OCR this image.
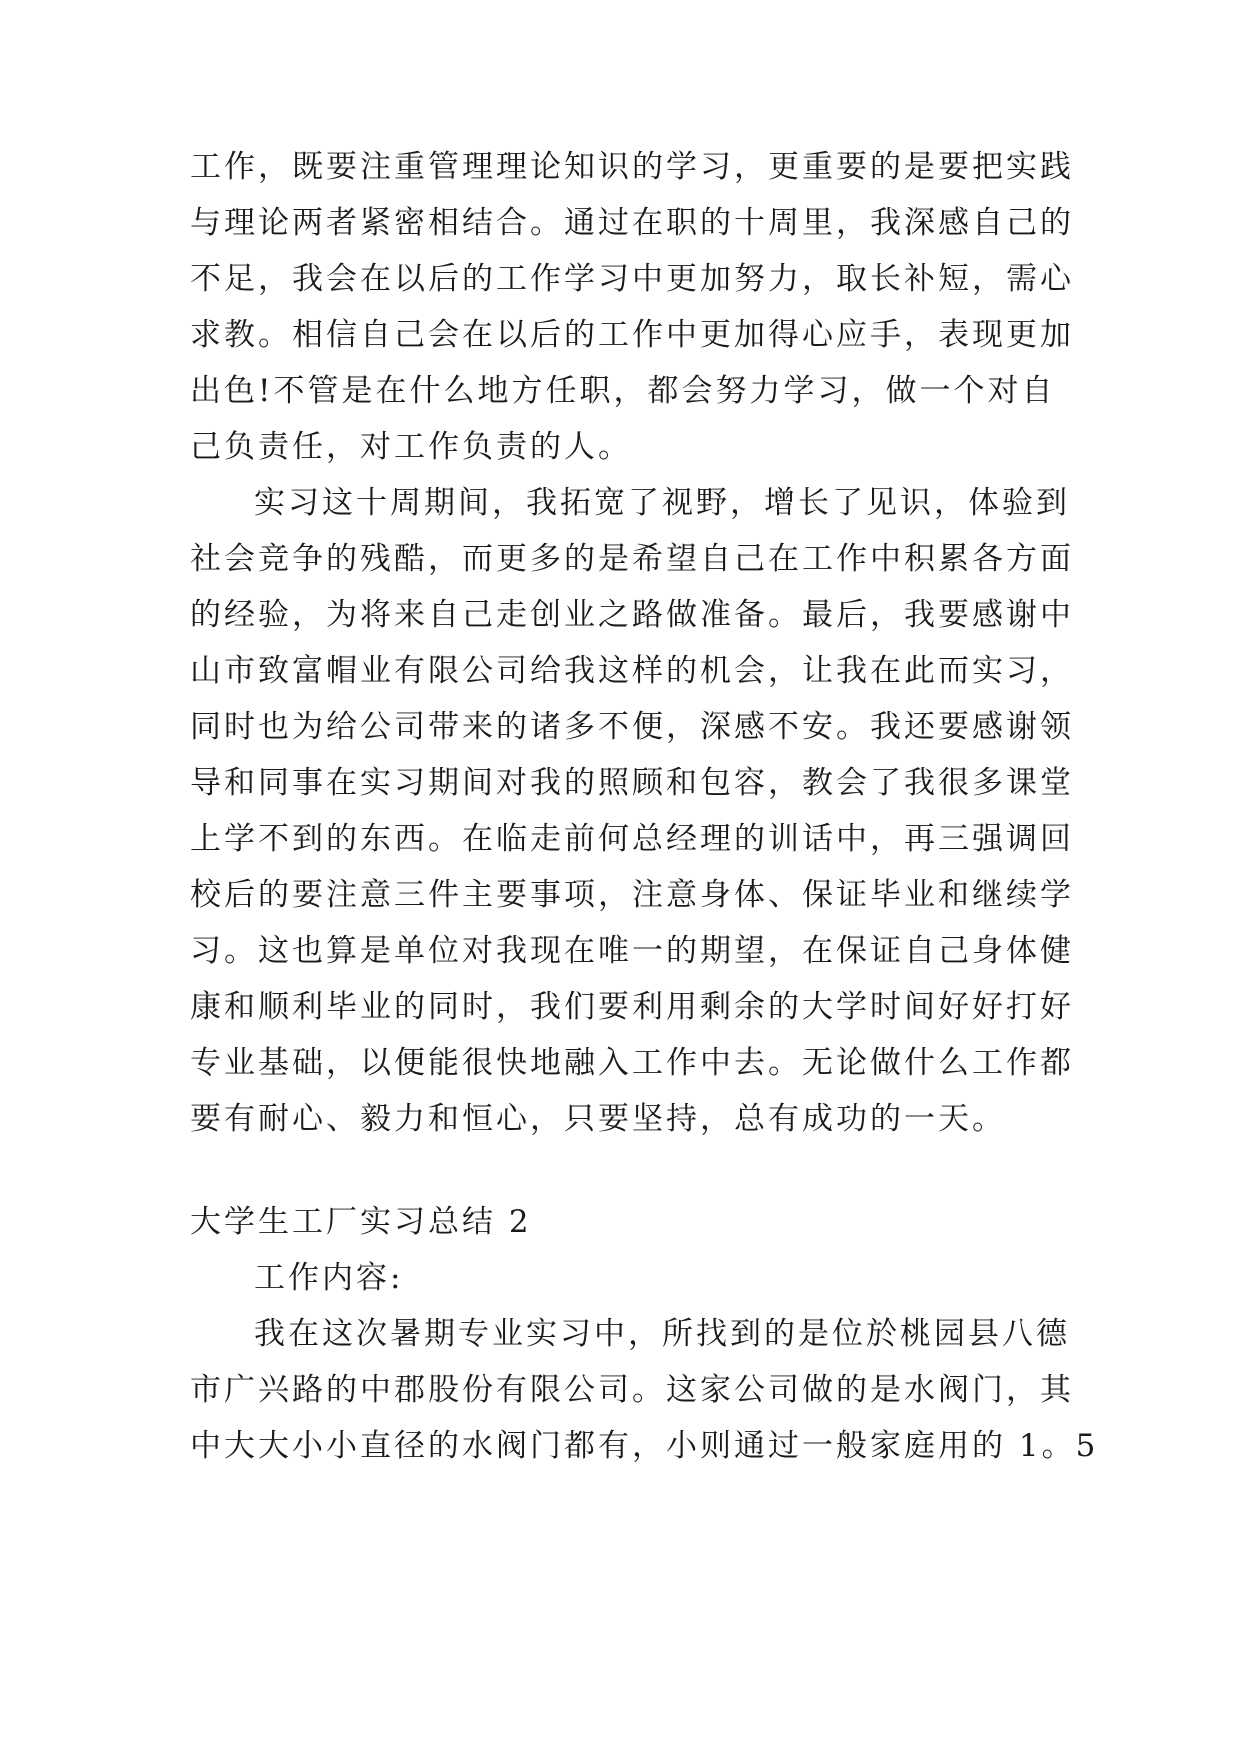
工作，既要注重管理理论知识的学习，更重要的是要把实践
与理论两者紧密相结合。通过在职的十周里，我深感自己的
不足，我会在以后的工作学习中更加努力，取长补短，需心
求教。相信自己会在以后的工作中更加得心应手，表现更加
出色!不管是在什么地方任职，都会努力学习，做一个对自
己负责任，对工作负责的人。
实习这十周期间，我拓宽了视野，增长了见识，体验到
社会竞争的残酷，而更多的是希望自己在工作中积累各方面
的经验，为将来自己走创业之路做准备。最后，我要感谢中
山市致富帽业有限公司给我这样的机会，让我在此而实习，
同时也为给公司带来的诸多不便，深感不安。我还要感谢领
导和同事在实习期间对我的照顾和包容，教会了我很多课堂
上学不到的东西。在临走前何总经理的训话中，再三强调回
校后的要注意三件主要事项，注意身体、保证毕业和继续学
习。这也算是单位对我现在唯一的期望，在保证自己身体健
康和顺利毕业的同时，我们要利用剩余的大学时间好好打好
专业基础，以便能很快地融入工作中去。无论做什么工作都
要有耐心、毅力和恒心，只要坚持，总有成功的一天。
大学生工厂实习总结 2
工作内容:
我在这次暑期专业实习中，所找到的是位於桃园县八德
市广兴路的中郡股份有限公司。这家公司做的是水阀门，其
中大大小小直径的水阀门都有，小则通过一般家庭用的 1。5
